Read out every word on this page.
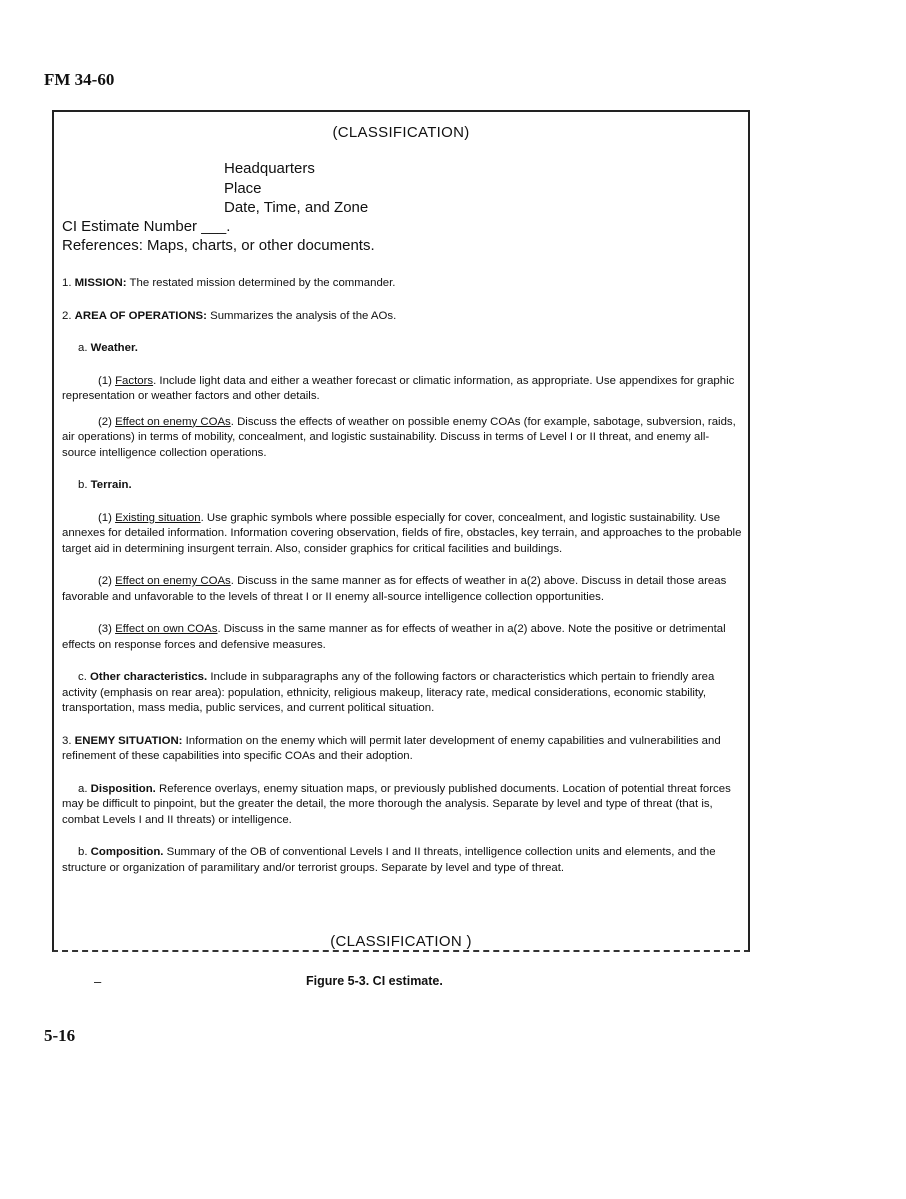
FM 34-60
(CLASSIFICATION)
Headquarters
Place
Date, Time, and Zone
CI Estimate Number ___.
References: Maps, charts, or other documents.

1. MISSION: The restated mission determined by the commander.

2. AREA OF OPERATIONS: Summarizes the analysis of the AOs.

a. Weather.

(1) Factors. Include light data and either a weather forecast or climatic information, as appropriate. Use appendixes for graphic representation or weather factors and other details.

(2) Effect on enemy COAs. Discuss the effects of weather on possible enemy COAs (for example, sabotage, subversion, raids, air operations) in terms of mobility, concealment, and logistic sustainability. Discuss in terms of Level I or II threat, and enemy all-source intelligence collection operations.

b. Terrain.

(1) Existing situation. Use graphic symbols where possible especially for cover, concealment, and logistic sustainability. Use annexes for detailed information. Information covering observation, fields of fire, obstacles, key terrain, and approaches to the probable target aid in determining insurgent terrain. Also, consider graphics for critical facilities and buildings.

(2) Effect on enemy COAs. Discuss in the same manner as for effects of weather in a(2) above. Discuss in detail those areas favorable and unfavorable to the levels of threat I or II enemy all-source intelligence collection opportunities.

(3) Effect on own COAs. Discuss in the same manner as for effects of weather in a(2) above. Note the positive or detrimental effects on response forces and defensive measures.

c. Other characteristics. Include in subparagraphs any of the following factors or characteristics which pertain to friendly area activity (emphasis on rear area): population, ethnicity, religious makeup, literacy rate, medical considerations, economic stability, transportation, mass media, public services, and current political situation.

3. ENEMY SITUATION: Information on the enemy which will permit later development of enemy capabilities and vulnerabilities and refinement of these capabilities into specific COAs and their adoption.

a. Disposition. Reference overlays, enemy situation maps, or previously published documents. Location of potential threat forces may be difficult to pinpoint, but the greater the detail, the more thorough the analysis. Separate by level and type of threat (that is, combat Levels I and II threats) or intelligence.

b. Composition. Summary of the OB of conventional Levels I and II threats, intelligence collection units and elements, and the structure or organization of paramilitary and/or terrorist groups. Separate by level and type of threat.

(CLASSIFICATION )
–	Figure 5-3. CI estimate.
5-16
